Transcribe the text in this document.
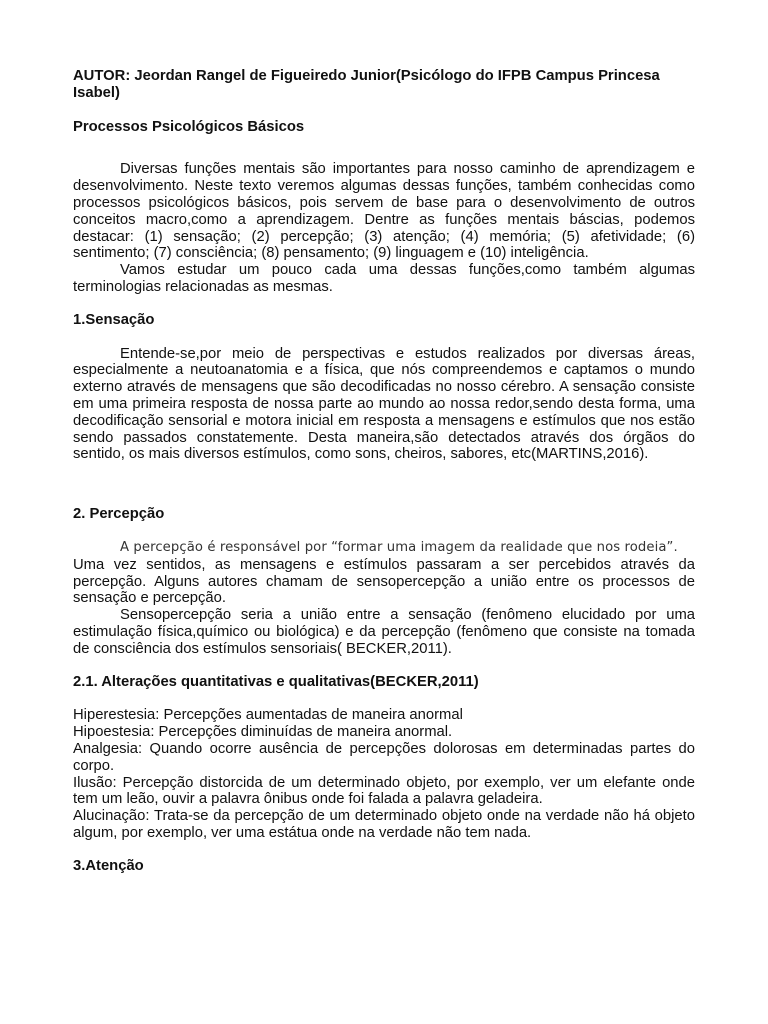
AUTOR: Jeordan Rangel de Figueiredo Junior(Psicólogo do IFPB Campus Princesa Isabel)

Processos Psicológicos Básicos

Diversas funções mentais são importantes para nosso caminho de aprendizagem e desenvolvimento. Neste texto veremos algumas dessas funções, também conhecidas como processos psicológicos básicos, pois servem de base para o desenvolvimento de outros conceitos macro,como a aprendizagem. Dentre as funções mentais báscias, podemos destacar: (1) sensação; (2) percepção; (3) atenção; (4) memória; (5) afetividade; (6) sentimento; (7) consciência; (8) pensamento; (9) linguagem e (10) inteligência.

Vamos estudar um pouco cada uma dessas funções,como também algumas terminologias relacionadas as mesmas.

1.Sensação

Entende-se,por meio de perspectivas e estudos realizados por diversas áreas, especialmente a neutoanatomia e a física, que nós compreendemos e captamos o mundo externo através de mensagens que são decodificadas no nosso cérebro. A sensação consiste em uma primeira resposta de nossa parte ao mundo ao nossa redor,sendo desta forma, uma decodificação sensorial e motora inicial em resposta a mensagens e estímulos que nos estão sendo passados constatemente. Desta maneira,são detectados através dos órgãos do sentido, os mais diversos estímulos, como sons, cheiros, sabores, etc(MARTINS,2016).

2. Percepção

A percepção é responsável por “formar uma imagem da realidade que nos rodeia”.

Uma vez sentidos, as mensagens e estímulos passaram a ser percebidos através da percepção. Alguns autores chamam de sensopercepção a união entre os processos de sensação e percepção.

Sensopercepção seria a união entre a sensação (fenômeno elucidado por uma estimulação física,químico ou biológica) e da percepção (fenômeno que consiste na tomada de consciência dos estímulos sensoriais( BECKER,2011).

2.1. Alterações quantitativas e qualitativas(BECKER,2011)

Hiperestesia: Percepções aumentadas de maneira anormal

Hipoestesia: Percepções diminuídas de maneira anormal.

Analgesia: Quando ocorre ausência de percepções dolorosas em determinadas partes do corpo.

Ilusão: Percepção distorcida de um determinado objeto, por exemplo, ver um elefante onde tem um leão, ouvir a palavra ônibus onde foi falada a palavra geladeira.

Alucinação: Trata-se da percepção de um determinado objeto onde na verdade não há objeto algum, por exemplo, ver uma estátua onde na verdade não tem nada.

3.Atenção
